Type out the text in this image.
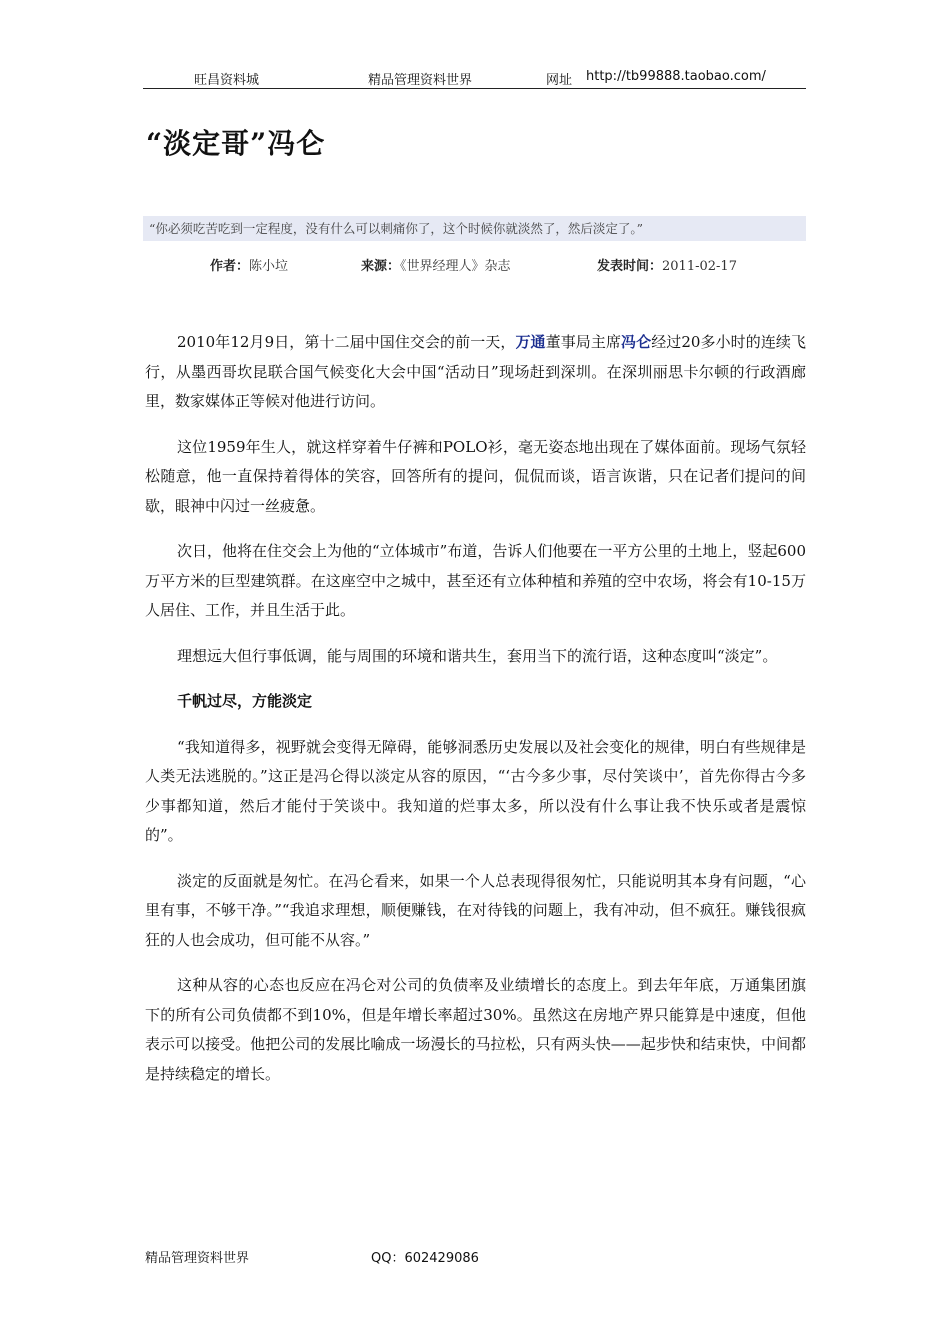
旺昌资料城	精品管理资料世界	网址 http://tb99888.taobao.com/
“淡定哥”冯仑
“你必须吃苦吃到一定程度，没有什么可以刺痛你了，这个时候你就淡然了，然后淡定了。”
作者：陈小垃	来源：《世界经理人》杂志	发表时间：2011-02-17

2010年12月9日，第十二届中国住交会的前一天，万通董事局主席冯仑经过20多小时的连续飞行，从墨西哥坎昆联合国气候变化大会中国“活动日”现场赶到深圳。在深圳丽思卡尔顿的行政酒廊里，数家媒体正等候对他进行访问。

这位1959年生人，就这样穿着牛仔裤和POLO衫，毫无姿态地出现在了媒体面前。现场气氛轻松随意，他一直保持着得体的笑容，回答所有的提问，侃侃而谈，语言诙谐，只在记者们提问的间歇，眼神中闪过一丝疲惫。

次日，他将在住交会上为他的“立体城市”布道，告诉人们他要在一平方公里的土地上，竖起600万平方米的巨型建筑群。在这座空中之城中，甚至还有立体种植和养殖的空中农场，将会有10-15万人居住、工作，并且生活于此。

理想远大但行事低调，能与周围的环境和谐共生，套用当下的流行语，这种态度叫“淡定”。

千帆过尽，方能淡定

“我知道得多，视野就会变得无障碍，能够洞悉历史发展以及社会变化的规律，明白有些规律是人类无法逃脱的。”这正是冯仑得以淡定从容的原因，“‘古今多少事，尽付笑谈中’，首先你得古今多少事都知道，然后才能付于笑谈中。我知道的烂事太多，所以没有什么事让我不快乐或者是震惊的”。

淡定的反面就是匆忙。在冯仑看来，如果一个人总表现得很匆忙，只能说明其本身有问题，“心里有事，不够干净。”“我追求理想，顺便赚钱，在对待钱的问题上，我有冲动，但不疯狂。赚钱很疯狂的人也会成功，但可能不从容。”

这种从容的心态也反应在冯仑对公司的负债率及业绩增长的态度上。到去年年底，万通集团旗下的所有公司负债都不到10%，但是年增长率超过30%。虽然这在房地产界只能算是中速度，但他表示可以接受。他把公司的发展比喻成一场漫长的马拉松，只有两头快——起步快和结束快，中间都是持续稳定的增长。

精品管理资料世界	QQ：602429086
